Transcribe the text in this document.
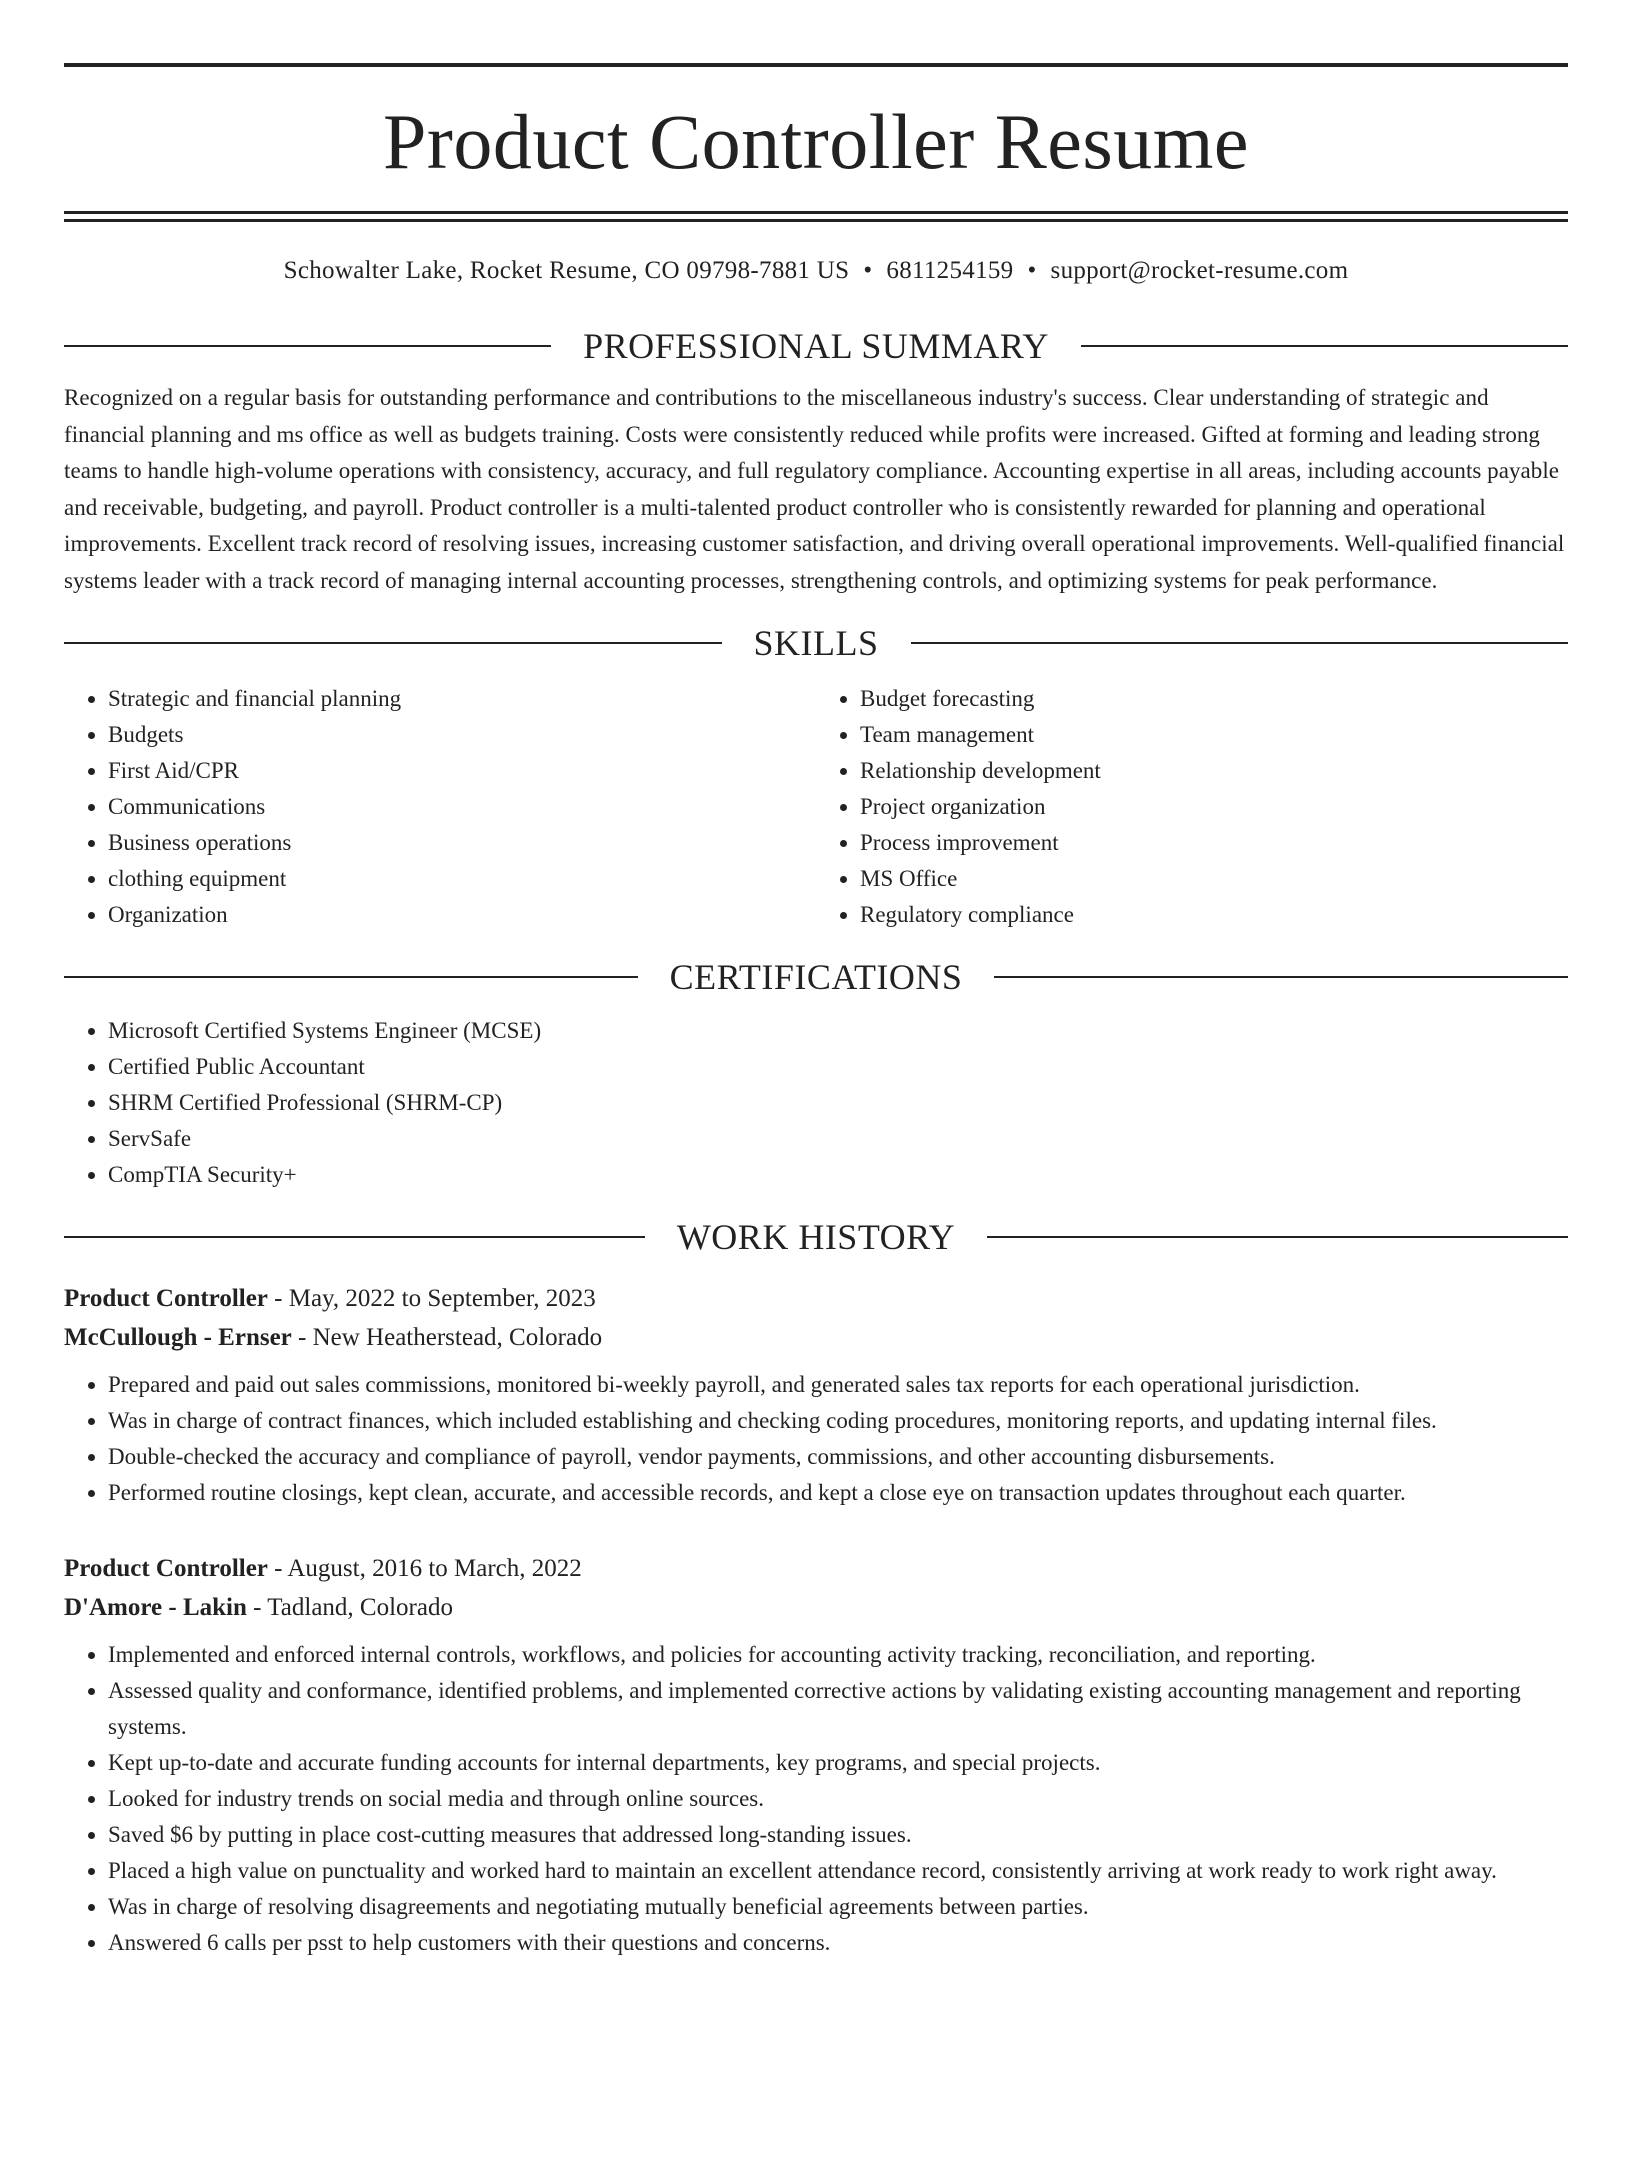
Product Controller Resume
Schowalter Lake, Rocket Resume, CO 09798-7881 US • 6811254159 • support@rocket-resume.com
PROFESSIONAL SUMMARY
Recognized on a regular basis for outstanding performance and contributions to the miscellaneous industry's success. Clear understanding of strategic and financial planning and ms office as well as budgets training. Costs were consistently reduced while profits were increased. Gifted at forming and leading strong teams to handle high-volume operations with consistency, accuracy, and full regulatory compliance. Accounting expertise in all areas, including accounts payable and receivable, budgeting, and payroll. Product controller is a multi-talented product controller who is consistently rewarded for planning and operational improvements. Excellent track record of resolving issues, increasing customer satisfaction, and driving overall operational improvements. Well-qualified financial systems leader with a track record of managing internal accounting processes, strengthening controls, and optimizing systems for peak performance.
SKILLS
• Strategic and financial planning
• Budgets
• First Aid/CPR
• Communications
• Business operations
• clothing equipment
• Organization
• Budget forecasting
• Team management
• Relationship development
• Project organization
• Process improvement
• MS Office
• Regulatory compliance
CERTIFICATIONS
• Microsoft Certified Systems Engineer (MCSE)
• Certified Public Accountant
• SHRM Certified Professional (SHRM-CP)
• ServSafe
• CompTIA Security+
WORK HISTORY
Product Controller - May, 2022 to September, 2023
McCullough - Ernser - New Heatherstead, Colorado
• Prepared and paid out sales commissions, monitored bi-weekly payroll, and generated sales tax reports for each operational jurisdiction.
• Was in charge of contract finances, which included establishing and checking coding procedures, monitoring reports, and updating internal files.
• Double-checked the accuracy and compliance of payroll, vendor payments, commissions, and other accounting disbursements.
• Performed routine closings, kept clean, accurate, and accessible records, and kept a close eye on transaction updates throughout each quarter.
Product Controller - August, 2016 to March, 2022
D'Amore - Lakin - Tadland, Colorado
• Implemented and enforced internal controls, workflows, and policies for accounting activity tracking, reconciliation, and reporting.
• Assessed quality and conformance, identified problems, and implemented corrective actions by validating existing accounting management and reporting systems.
• Kept up-to-date and accurate funding accounts for internal departments, key programs, and special projects.
• Looked for industry trends on social media and through online sources.
• Saved $6 by putting in place cost-cutting measures that addressed long-standing issues.
• Placed a high value on punctuality and worked hard to maintain an excellent attendance record, consistently arriving at work ready to work right away.
• Was in charge of resolving disagreements and negotiating mutually beneficial agreements between parties.
• Answered 6 calls per psst to help customers with their questions and concerns.
